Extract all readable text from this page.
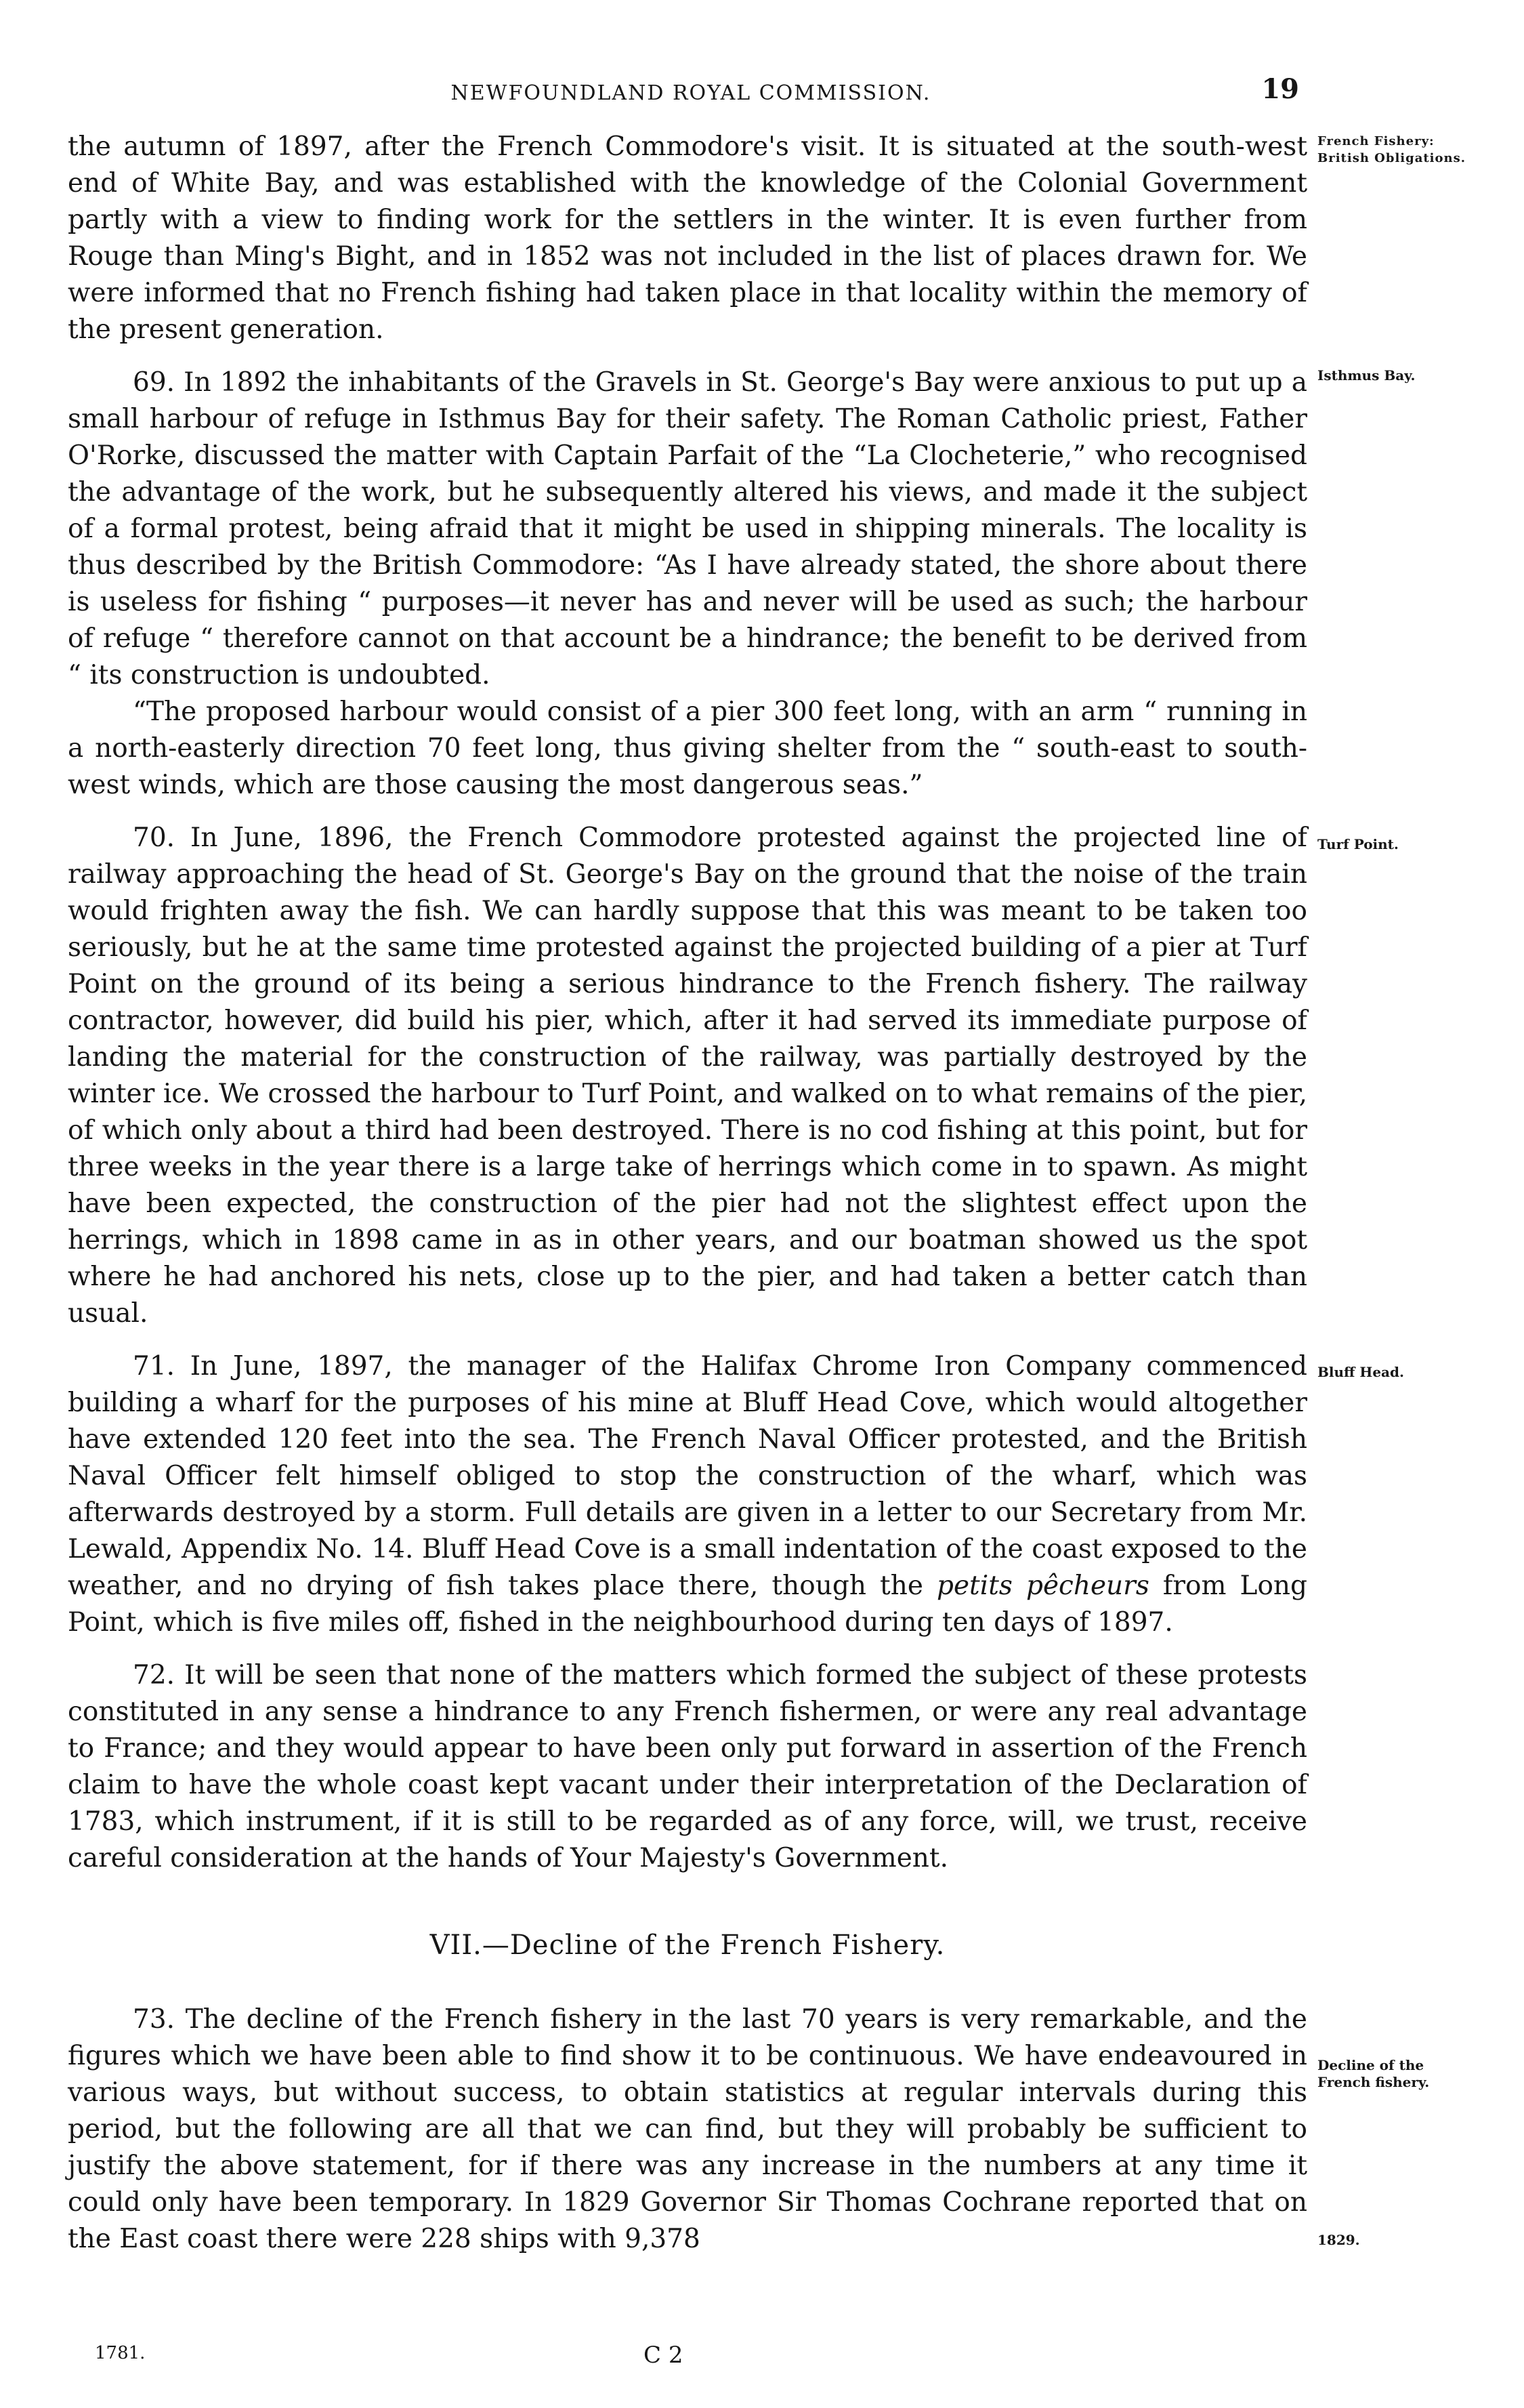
NEWFOUNDLAND ROYAL COMMISSION.	19
French Fishery: British Obligations.
Isthmus Bay.
Turf Point.
Bluff Head.
Decline of the French fishery.
1829.

the autumn of 1897, after the French Commodore's visit. It is situated at the south-west end of White Bay, and was established with the knowledge of the Colonial Government partly with a view to finding work for the settlers in the winter. It is even further from Rouge than Ming's Bight, and in 1852 was not included in the list of places drawn for. We were informed that no French fishing had taken place in that locality within the memory of the present generation.

69. In 1892 the inhabitants of the Gravels in St. George's Bay were anxious to put up a small harbour of refuge in Isthmus Bay for their safety. The Roman Catholic priest, Father O'Rorke, discussed the matter with Captain Parfait of the “La Clocheterie,” who recognised the advantage of the work, but he subsequently altered his views, and made it the subject of a formal protest, being afraid that it might be used in shipping minerals. The locality is thus described by the British Commodore: “As I have already stated, the shore about there is useless for fishing “ purposes—it never has and never will be used as such; the harbour of refuge “ therefore cannot on that account be a hindrance; the benefit to be derived from “ its construction is undoubted.

“The proposed harbour would consist of a pier 300 feet long, with an arm “ running in a north-easterly direction 70 feet long, thus giving shelter from the “ south-east to south-west winds, which are those causing the most dangerous seas.”

70. In June, 1896, the French Commodore protested against the projected line of railway approaching the head of St. George's Bay on the ground that the noise of the train would frighten away the fish. We can hardly suppose that this was meant to be taken too seriously, but he at the same time protested against the projected building of a pier at Turf Point on the ground of its being a serious hindrance to the French fishery. The railway contractor, however, did build his pier, which, after it had served its immediate purpose of landing the material for the construction of the railway, was partially destroyed by the winter ice. We crossed the harbour to Turf Point, and walked on to what remains of the pier, of which only about a third had been destroyed. There is no cod fishing at this point, but for three weeks in the year there is a large take of herrings which come in to spawn. As might have been expected, the construction of the pier had not the slightest effect upon the herrings, which in 1898 came in as in other years, and our boatman showed us the spot where he had anchored his nets, close up to the pier, and had taken a better catch than usual.

71. In June, 1897, the manager of the Halifax Chrome Iron Company commenced building a wharf for the purposes of his mine at Bluff Head Cove, which would altogether have extended 120 feet into the sea. The French Naval Officer protested, and the British Naval Officer felt himself obliged to stop the construction of the wharf, which was afterwards destroyed by a storm. Full details are given in a letter to our Secretary from Mr. Lewald, Appendix No. 14. Bluff Head Cove is a small indentation of the coast exposed to the weather, and no drying of fish takes place there, though the petits pêcheurs from Long Point, which is five miles off, fished in the neighbourhood during ten days of 1897.

72. It will be seen that none of the matters which formed the subject of these protests constituted in any sense a hindrance to any French fishermen, or were any real advantage to France; and they would appear to have been only put forward in assertion of the French claim to have the whole coast kept vacant under their interpretation of the Declaration of 1783, which instrument, if it is still to be regarded as of any force, will, we trust, receive careful consideration at the hands of Your Majesty's Government.

VII.—Decline of the French Fishery.

73. The decline of the French fishery in the last 70 years is very remarkable, and the figures which we have been able to find show it to be continuous. We have endeavoured in various ways, but without success, to obtain statistics at regular intervals during this period, but the following are all that we can find, but they will probably be sufficient to justify the above statement, for if there was any increase in the numbers at any time it could only have been temporary. In 1829 Governor Sir Thomas Cochrane reported that on the East coast there were 228 ships with 9,378

1781.	C 2
